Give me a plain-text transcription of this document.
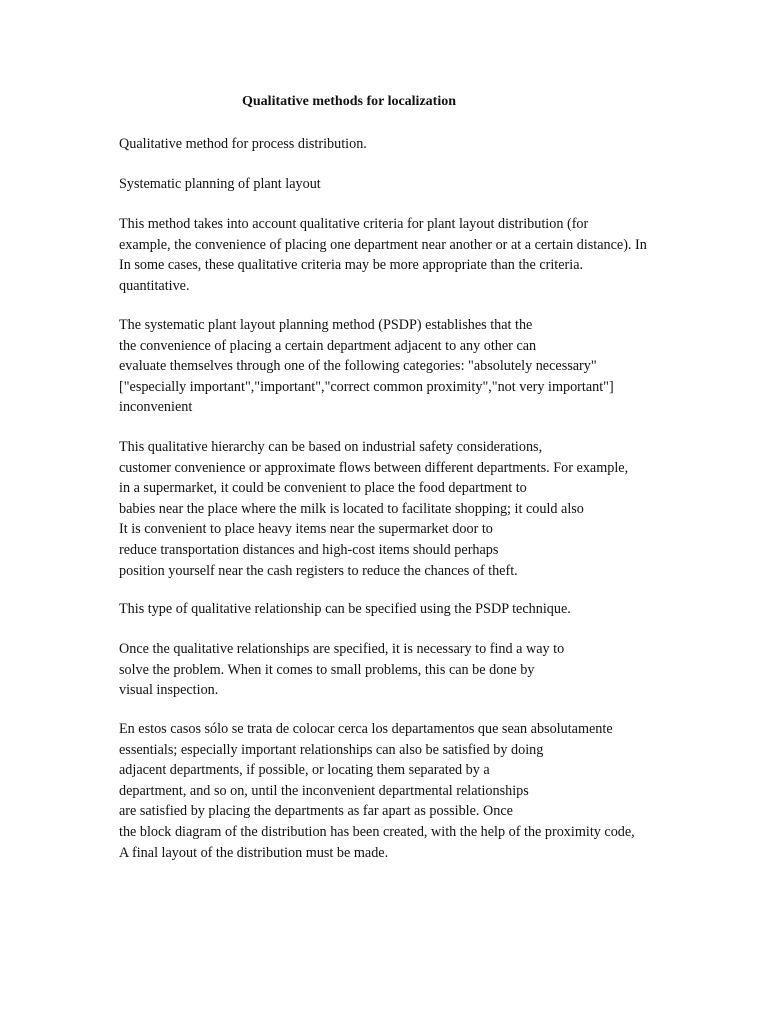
Qualitative methods for localization
Qualitative method for process distribution.
Systematic planning of plant layout
This method takes into account qualitative criteria for plant layout distribution (for
example, the convenience of placing one department near another or at a certain distance). In
In some cases, these qualitative criteria may be more appropriate than the criteria.
quantitative.
The systematic plant layout planning method (PSDP) establishes that the
the convenience of placing a certain department adjacent to any other can
evaluate themselves through one of the following categories: "absolutely necessary"
["especially important","important","correct common proximity","not very important"]
inconvenient
This qualitative hierarchy can be based on industrial safety considerations,
customer convenience or approximate flows between different departments. For example,
in a supermarket, it could be convenient to place the food department to
babies near the place where the milk is located to facilitate shopping; it could also
It is convenient to place heavy items near the supermarket door to
reduce transportation distances and high-cost items should perhaps
position yourself near the cash registers to reduce the chances of theft.
This type of qualitative relationship can be specified using the PSDP technique.
Once the qualitative relationships are specified, it is necessary to find a way to
solve the problem. When it comes to small problems, this can be done by
visual inspection.
En estos casos sólo se trata de colocar cerca los departamentos que sean absolutamente
essentials; especially important relationships can also be satisfied by doing
adjacent departments, if possible, or locating them separated by a
department, and so on, until the inconvenient departmental relationships
are satisfied by placing the departments as far apart as possible. Once
the block diagram of the distribution has been created, with the help of the proximity code,
A final layout of the distribution must be made.
